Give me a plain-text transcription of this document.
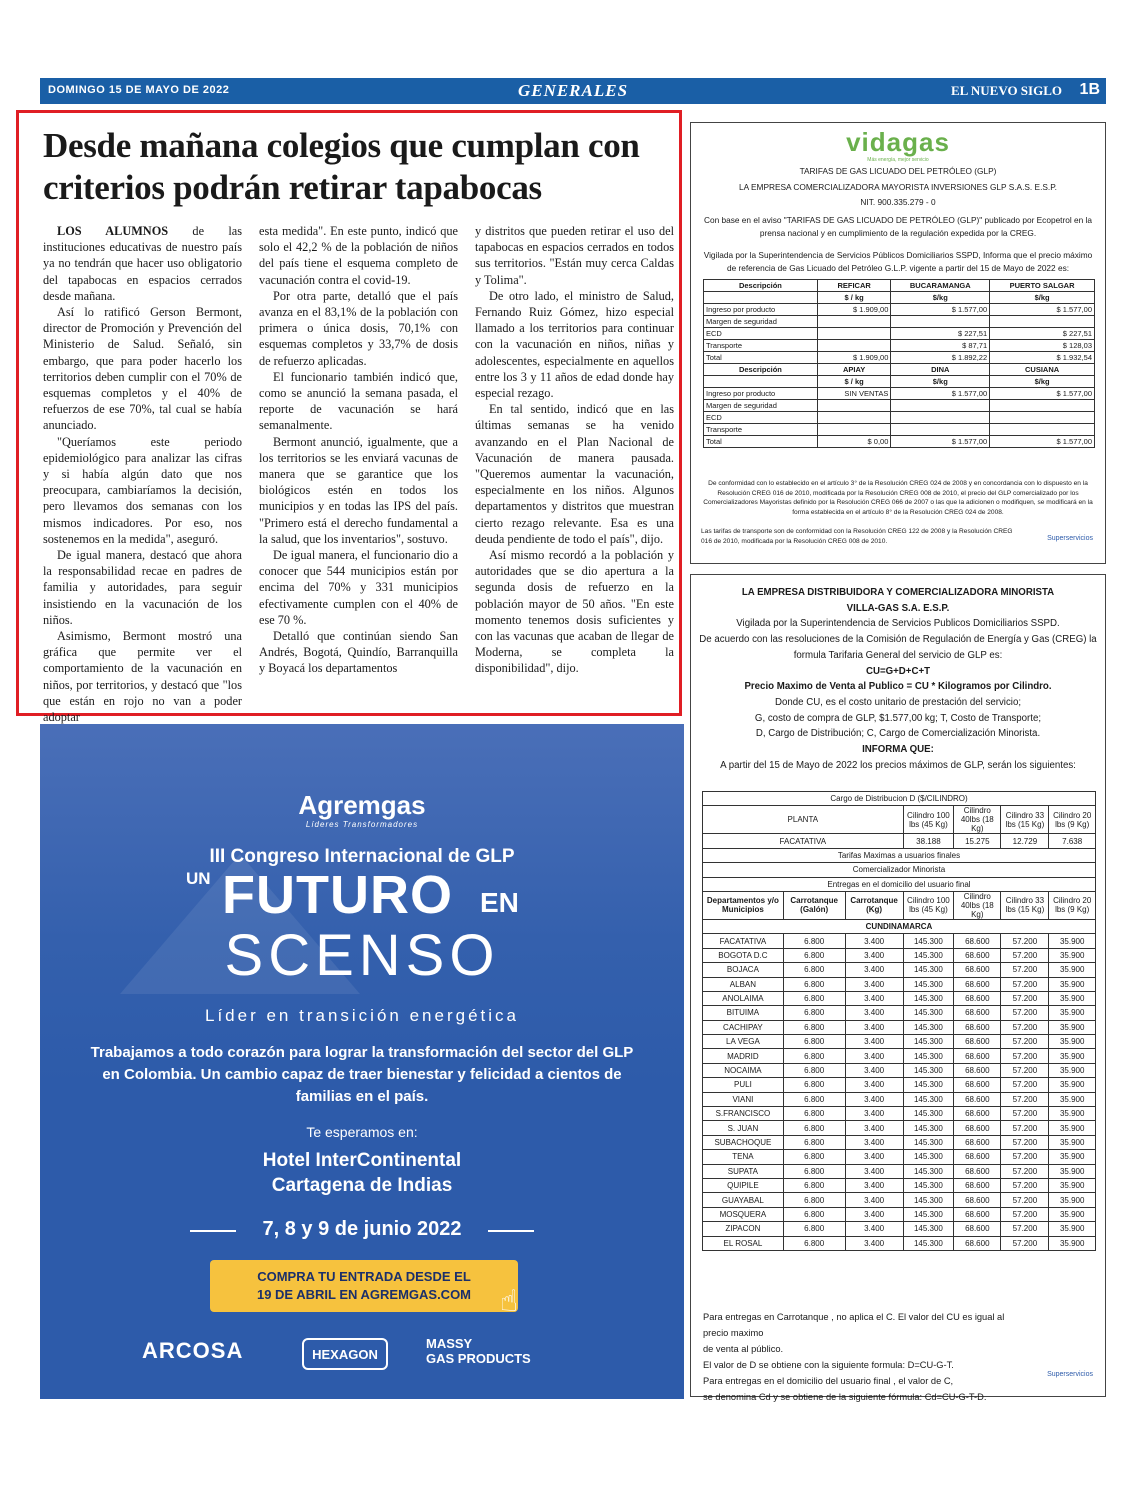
DOMINGO 15 DE MAYO DE 2022	GENERALES	EL NUEVO SIGLO 1B
Desde mañana colegios que cumplan con criterios podrán retirar tapabocas

LOS ALUMNOS de las instituciones educativas de nuestro país ya no tendrán que hacer uso obligatorio del tapabocas en espacios cerrados desde mañana.

Así lo ratificó Gerson Bermont, director de Promoción y Prevención del Ministerio de Salud. Señaló, sin embargo, que para poder hacerlo los territorios deben cumplir con el 70% de esquemas completos y el 40% de refuerzos de ese 70%, tal cual se había anunciado.

"Queríamos este periodo epidemiológico para analizar las cifras y si había algún dato que nos preocupara, cambiaríamos la decisión, pero llevamos dos semanas con los mismos indicadores. Por eso, nos sostenemos en la medida", aseguró.

De igual manera, destacó que ahora la responsabilidad recae en padres de familia y autoridades, para seguir insistiendo en la vacunación de los niños.

Asimismo, Bermont mostró una gráfica que permite ver el comportamiento de la vacunación en niños, por territorios, y destacó que "los que están en rojo no van a poder adoptar

esta medida". En este punto, indicó que solo el 42,2 % de la población de niños del país tiene el esquema completo de vacunación contra el covid-19.

Por otra parte, detalló que el país avanza en el 83,1% de la población con primera o única dosis, 70,1% con esquemas completos y 33,7% de dosis de refuerzo aplicadas.

El funcionario también indicó que, como se anunció la semana pasada, el reporte de vacunación se hará semanalmente.

Bermont anunció, igualmente, que a los territorios se les enviará vacunas de manera que se garantice que los biológicos estén en todos los municipios y en todas las IPS del país. "Primero está el derecho fundamental a la salud, que los inventarios", sostuvo.

De igual manera, el funcionario dio a conocer que 544 municipios están por encima del 70% y 331 municipios efectivamente cumplen con el 40% de ese 70 %.

Detalló que continúan siendo San Andrés, Bogotá, Quindío, Barranquilla y Boyacá los departamentos

y distritos que pueden retirar el uso del tapabocas en espacios cerrados en todos sus territorios. "Están muy cerca Caldas y Tolima".

De otro lado, el ministro de Salud, Fernando Ruiz Gómez, hizo especial llamado a los territorios para continuar con la vacunación en niños, niñas y adolescentes, especialmente en aquellos entre los 3 y 11 años de edad donde hay especial rezago.

En tal sentido, indicó que en las últimas semanas se ha venido avanzando en el Plan Nacional de Vacunación de manera pausada. "Queremos aumentar la vacunación, especialmente en los niños. Algunos departamentos y distritos que muestran cierto rezago relevante. Esa es una deuda pendiente de todo el país", dijo.

Así mismo recordó a la población y autoridades que se dio apertura a la segunda dosis de refuerzo en la población mayor de 50 años. "En este momento tenemos dosis suficientes y con las vacunas que acaban de llegar de Moderna, se completa la disponibilidad", dijo.

Agremgas
Líderes Transformadores
III Congreso Internacional de GLP
UN FUTURO EN
SCENSO
Líder en transición energética
Trabajamos a todo corazón para lograr la transformación del sector del GLP en Colombia. Un cambio capaz de traer bienestar y felicidad a cientos de familias en el país.
Te esperamos en:
Hotel InterContinental
Cartagena de Indias
7, 8 y 9 de junio 2022
COMPRA TU ENTRADA DESDE EL
19 DE ABRIL EN AGREMGAS.COM ☝
ARCOSA	HEXAGON
MASSY
GAS PRODUCTS
vidagas
Más energía, mejor servicio
TARIFAS DE GAS LICUADO DEL PETRÓLEO (GLP)
LA EMPRESA COMERCIALIZADORA MAYORISTA INVERSIONES GLP S.A.S. E.S.P.
NIT. 900.335.279 - 0
Con base en el aviso "TARIFAS DE GAS LICUADO DE PETRÓLEO (GLP)" publicado por Ecopetrol en la prensa nacional y en cumplimiento de la regulación expedida por la CREG.
Vigilada por la Superintendencia de Servicios Públicos Domiciliarios SSPD, Informa que el precio máximo de referencia de Gas Licuado del Petróleo G.L.P. vigente a partir del 15 de Mayo de 2022 es:
Descripción	REFICAR	BUCARAMANGA	PUERTO SALGAR
	$ / kg	$/kg	$/kg
Ingreso por producto	$ 1.909,00	$ 1.577,00	$ 1.577,00
Margen de seguridad			
ECD		$ 227,51	$ 227,51
Transporte		$ 87,71	$ 128,03
Total	$ 1.909,00	$ 1.892,22	$ 1.932,54
Descripción	APIAY	DINA	CUSIANA
	$ / kg	$/kg	$/kg
Ingreso por producto	SIN VENTAS	$ 1.577,00	$ 1.577,00
Margen de seguridad			
ECD			
Transporte			
Total	$ 0,00	$ 1.577,00	$ 1.577,00
De conformidad con lo establecido en el artículo 3° de la Resolución CREG 024 de 2008 y en concordancia con lo dispuesto en la Resolución CREG 016 de 2010, modificada por la Resolución CREG 008 de 2010, el precio del GLP comercializado por los Comercializadores Mayoristas definido por la Resolución CREG 066 de 2007 o las que la adicionen o modifiquen, se modificará en la forma establecida en el artículo 8° de la Resolución CREG 024 de 2008.
Las tarifas de transporte son de conformidad con la Resolución CREG 122 de 2008 y la Resolución CREG 016 de 2010, modificada por la Resolución CREG 008 de 2010.	Superservicios
LA EMPRESA DISTRIBUIDORA Y COMERCIALIZADORA MINORISTA
VILLA-GAS S.A. E.S.P.
Vigilada por la Superintendencia de Servicios Publicos Domiciliarios SSPD.
De acuerdo con las resoluciones de la Comisión de Regulación de Energía y Gas (CREG) la
formula Tarifaria General del servicio de GLP es:
CU=G+D+C+T
Precio Maximo de Venta al Publico = CU * Kilogramos por Cilindro.
Donde CU, es el costo unitario de prestación del servicio;
G, costo de compra de GLP, $1.577,00 kg; T, Costo de Transporte;
D, Cargo de Distribución; C, Cargo de Comercialización Minorista.
INFORMA QUE:
A partir del 15 de Mayo de 2022 los precios máximos de GLP, serán los siguientes:
Cargo de Distribucion D ($/CILINDRO)						
PLANTA			Cilindro 100 lbs (45 Kg)	Cilindro 40lbs (18 Kg)	Cilindro 33 lbs (15 Kg)	Cilindro 20 lbs (9 Kg)
FACATATIVA			38.188	15.275	12.729	7.638
Tarifas Maximas a usuarios finales						
Comercializador Minorista						
Entregas en el domicilio del usuario final						
Departamentos y/o Municipios	Carrotanque (Galón)	Carrotanque (Kg)	Cilindro 100 lbs (45 Kg)	Cilindro 40lbs (18 Kg)	Cilindro 33 lbs (15 Kg)	Cilindro 20 lbs (9 Kg)
CUNDINAMARCA						
FACATATIVA	6.800	3.400	145.300	68.600	57.200	35.900
BOGOTA D.C	6.800	3.400	145.300	68.600	57.200	35.900
BOJACA	6.800	3.400	145.300	68.600	57.200	35.900
ALBAN	6.800	3.400	145.300	68.600	57.200	35.900
ANOLAIMA	6.800	3.400	145.300	68.600	57.200	35.900
BITUIMA	6.800	3.400	145.300	68.600	57.200	35.900
CACHIPAY	6.800	3.400	145.300	68.600	57.200	35.900
LA VEGA	6.800	3.400	145.300	68.600	57.200	35.900
MADRID	6.800	3.400	145.300	68.600	57.200	35.900
NOCAIMA	6.800	3.400	145.300	68.600	57.200	35.900
PULI	6.800	3.400	145.300	68.600	57.200	35.900
VIANI	6.800	3.400	145.300	68.600	57.200	35.900
S.FRANCISCO	6.800	3.400	145.300	68.600	57.200	35.900
S. JUAN	6.800	3.400	145.300	68.600	57.200	35.900
SUBACHOQUE	6.800	3.400	145.300	68.600	57.200	35.900
TENA	6.800	3.400	145.300	68.600	57.200	35.900
SUPATA	6.800	3.400	145.300	68.600	57.200	35.900
QUIPILE	6.800	3.400	145.300	68.600	57.200	35.900
GUAYABAL	6.800	3.400	145.300	68.600	57.200	35.900
MOSQUERA	6.800	3.400	145.300	68.600	57.200	35.900
ZIPACON	6.800	3.400	145.300	68.600	57.200	35.900
EL ROSAL	6.800	3.400	145.300	68.600	57.200	35.900
Para entregas en Carrotanque , no aplica el C. El valor del CU es igual al precio maximo
de venta al público.
El valor de D se obtiene con la siguiente formula: D=CU-G-T.
Para entregas en el domicilio del usuario final , el valor de C,
se denomina Cd y se obtiene de la siguiente fórmula: Cd=CU-G-T-D.
Superservicios
